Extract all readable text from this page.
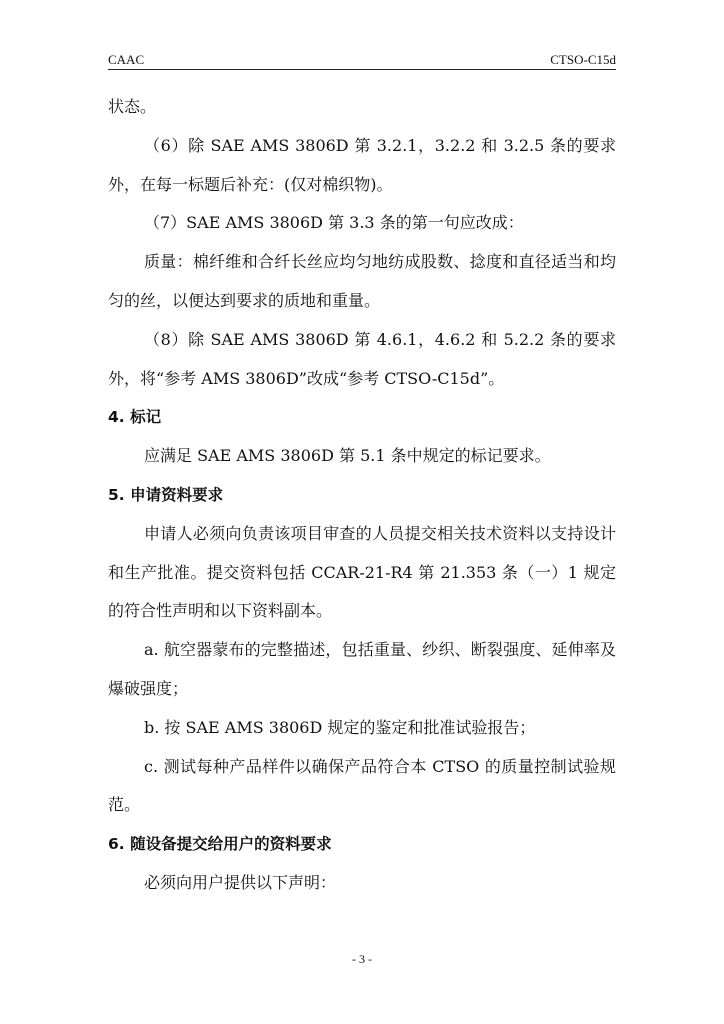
CAAC	CTSO-C15d

状态。

（6）除 SAE AMS 3806D 第 3.2.1，3.2.2 和 3.2.5 条的要求外，在每一标题后补充：(仅对棉织物)。

（7）SAE AMS 3806D 第 3.3 条的第一句应改成：

质量：棉纤维和合纤长丝应均匀地纺成股数、捻度和直径适当和均匀的丝，以便达到要求的质地和重量。

（8）除 SAE AMS 3806D 第 4.6.1，4.6.2 和 5.2.2 条的要求外，将“参考 AMS 3806D”改成“参考 CTSO-C15d”。

4. 标记

应满足 SAE AMS 3806D 第 5.1 条中规定的标记要求。

5. 申请资料要求

申请人必须向负责该项目审查的人员提交相关技术资料以支持设计和生产批准。提交资料包括 CCAR-21-R4 第 21.353 条（一）1 规定的符合性声明和以下资料副本。

a. 航空器蒙布的完整描述，包括重量、纱织、断裂强度、延伸率及爆破强度；

b. 按 SAE AMS 3806D 规定的鉴定和批准试验报告；

c. 测试每种产品样件以确保产品符合本 CTSO 的质量控制试验规范。

6. 随设备提交给用户的资料要求

必须向用户提供以下声明：

- 3 -
